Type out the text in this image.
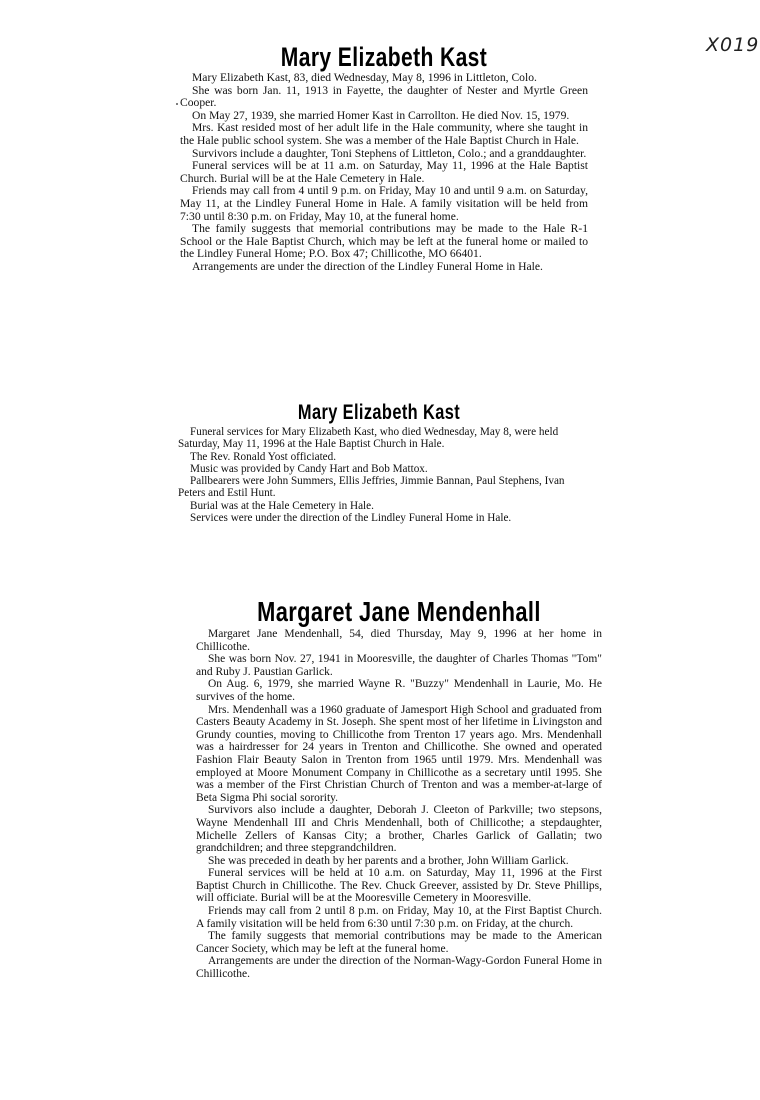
X019
Mary Elizabeth Kast

Mary Elizabeth Kast, 83, died Wednesday, May 8, 1996 in Littleton, Colo.

She was born Jan. 11, 1913 in Fayette, the daughter of Nester and Myrtle Green Cooper.

On May 27, 1939, she married Homer Kast in Carrollton. He died Nov. 15, 1979.

Mrs. Kast resided most of her adult life in the Hale community, where she taught in the Hale public school system. She was a member of the Hale Baptist Church in Hale.

Survivors include a daughter, Toni Stephens of Littleton, Colo.; and a granddaughter.

Funeral services will be at 11 a.m. on Saturday, May 11, 1996 at the Hale Baptist Church. Burial will be at the Hale Cemetery in Hale.

Friends may call from 4 until 9 p.m. on Friday, May 10 and until 9 a.m. on Saturday, May 11, at the Lindley Funeral Home in Hale. A family visitation will be held from 7:30 until 8:30 p.m. on Friday, May 10, at the funeral home.

The family suggests that memorial contributions may be made to the Hale R-1 School or the Hale Baptist Church, which may be left at the funeral home or mailed to the Lindley Funeral Home; P.O. Box 47; Chillicothe, MO 66401.

Arrangements are under the direction of the Lindley Funeral Home in Hale.

Mary Elizabeth Kast

Funeral services for Mary Elizabeth Kast, who died Wednesday, May 8, were held Saturday, May 11, 1996 at the Hale Baptist Church in Hale.

The Rev. Ronald Yost officiated.

Music was provided by Candy Hart and Bob Mattox.

Pallbearers were John Summers, Ellis Jeffries, Jimmie Bannan, Paul Stephens, Ivan Peters and Estil Hunt.

Burial was at the Hale Cemetery in Hale.

Services were under the direction of the Lindley Funeral Home in Hale.

Margaret Jane Mendenhall

Margaret Jane Mendenhall, 54, died Thursday, May 9, 1996 at her home in Chillicothe.

She was born Nov. 27, 1941 in Mooresville, the daughter of Charles Thomas "Tom" and Ruby J. Paustian Garlick.

On Aug. 6, 1979, she married Wayne R. "Buzzy" Mendenhall in Laurie, Mo. He survives of the home.

Mrs. Mendenhall was a 1960 graduate of Jamesport High School and graduated from Casters Beauty Academy in St. Joseph. She spent most of her lifetime in Livingston and Grundy counties, moving to Chillicothe from Trenton 17 years ago. Mrs. Mendenhall was a hairdresser for 24 years in Trenton and Chillicothe. She owned and operated Fashion Flair Beauty Salon in Trenton from 1965 until 1979. Mrs. Mendenhall was employed at Moore Monument Company in Chillicothe as a secretary until 1995. She was a member of the First Christian Church of Trenton and was a member-at-large of Beta Sigma Phi social sorority.

Survivors also include a daughter, Deborah J. Cleeton of Parkville; two stepsons, Wayne Mendenhall III and Chris Mendenhall, both of Chillicothe; a stepdaughter, Michelle Zellers of Kansas City; a brother, Charles Garlick of Gallatin; two grandchildren; and three stepgrandchildren.

She was preceded in death by her parents and a brother, John William Garlick.

Funeral services will be held at 10 a.m. on Saturday, May 11, 1996 at the First Baptist Church in Chillicothe. The Rev. Chuck Greever, assisted by Dr. Steve Phillips, will officiate. Burial will be at the Mooresville Cemetery in Mooresville.

Friends may call from 2 until 8 p.m. on Friday, May 10, at the First Baptist Church. A family visitation will be held from 6:30 until 7:30 p.m. on Friday, at the church.

The family suggests that memorial contributions may be made to the American Cancer Society, which may be left at the funeral home.

Arrangements are under the direction of the Norman-Wagy-Gordon Funeral Home in Chillicothe.
